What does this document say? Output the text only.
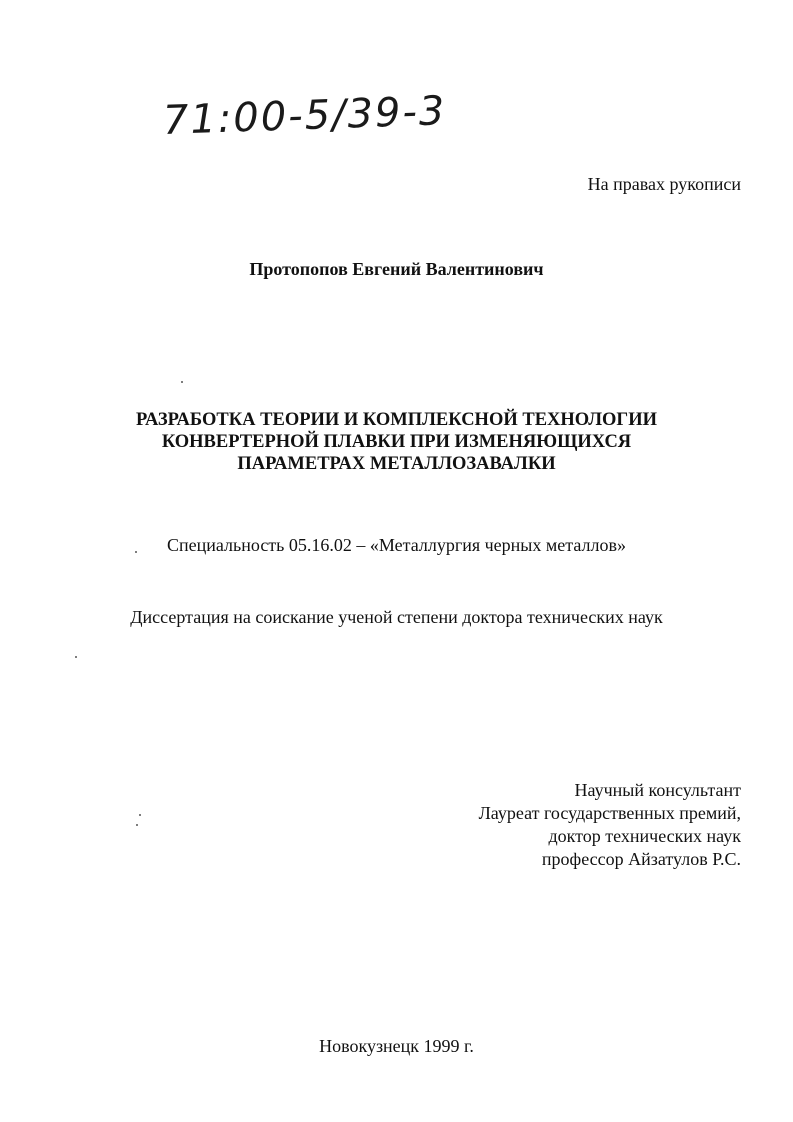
71:00-5/39-3
На правах рукописи
Протопопов Евгений Валентинович
РАЗРАБОТКА ТЕОРИИ И КОМПЛЕКСНОЙ ТЕХНОЛОГИИ
КОНВЕРТЕРНОЙ ПЛАВКИ ПРИ ИЗМЕНЯЮЩИХСЯ
ПАРАМЕТРАХ МЕТАЛЛОЗАВАЛКИ
Специальность 05.16.02 – «Металлургия черных металлов»
Диссертация на соискание ученой степени доктора технических наук
Научный консультант
Лауреат государственных премий,
доктор технических наук
профессор Айзатулов Р.С.
Новокузнецк 1999 г.
